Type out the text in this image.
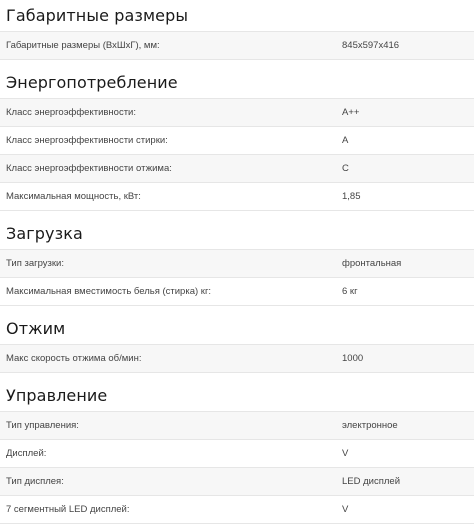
Габаритные размеры
Габаритные размеры (ВхШхГ), мм:	845x597x416
Энергопотребление
Класс энергоэффективности:	A++
Класс энергоэффективности стирки:	A
Класс энергоэффективности отжима:	C
Максимальная мощность, кВт:	1,85
Загрузка
Тип загрузки:	фронтальная
Максимальная вместимость белья (стирка) кг:	6 кг
Отжим
Макс скорость отжима об/мин:	1000
Управление
Тип управления:	электронное
Дисплей:	V
Тип дисплея:	LED дисплей
7 сегментный LED дисплей:	V
